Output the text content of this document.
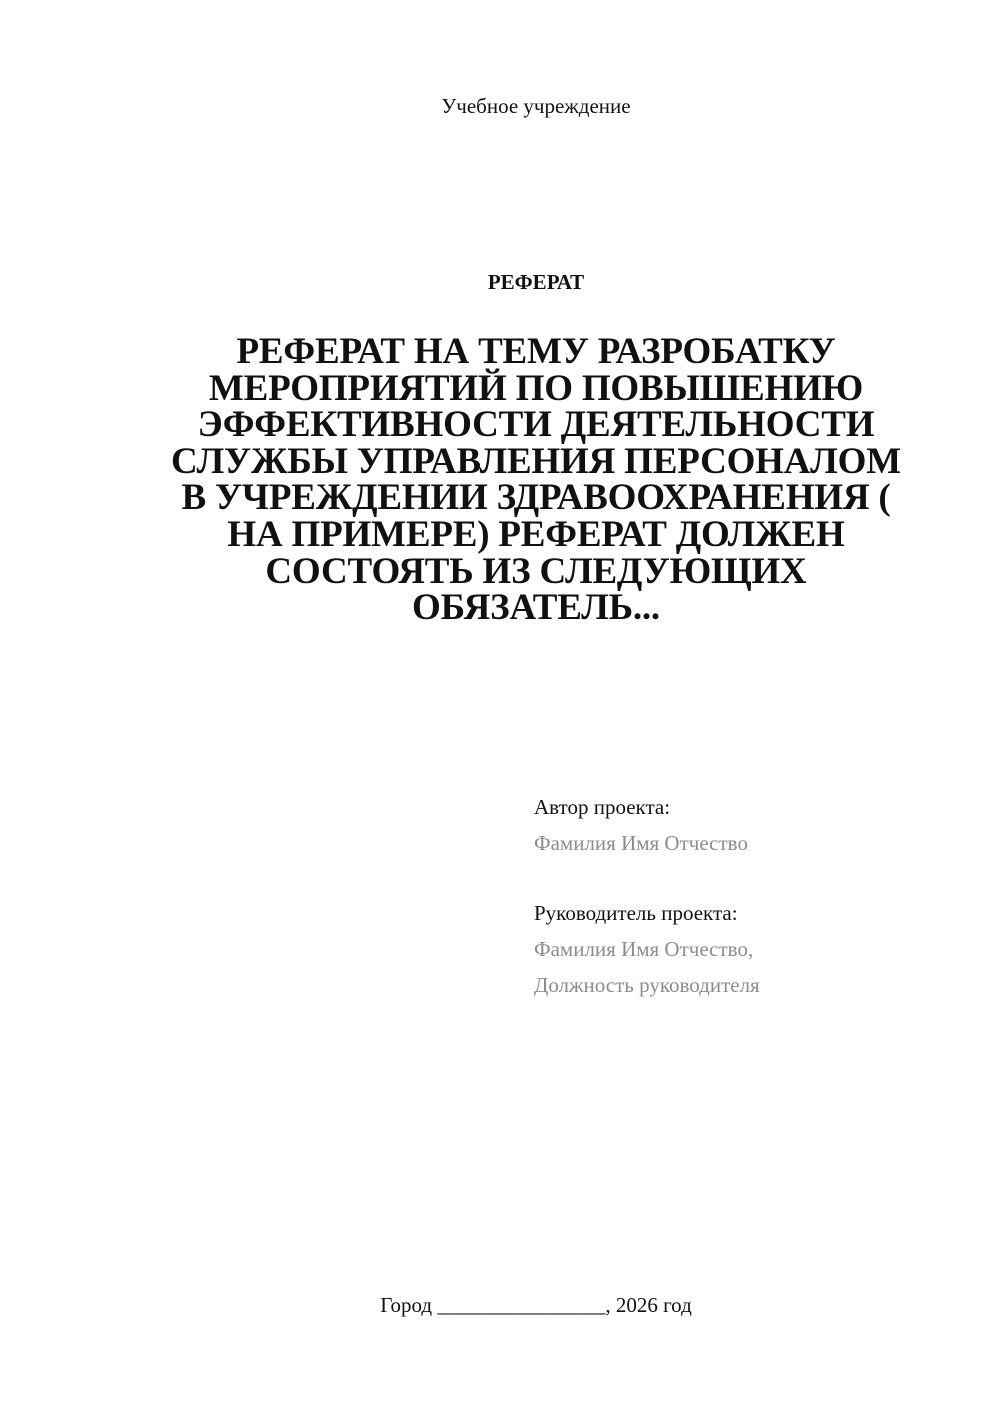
Учебное учреждение
РЕФЕРАТ
РЕФЕРАТ НА ТЕМУ РАЗРОБАТКУ
МЕРОПРИЯТИЙ ПО ПОВЫШЕНИЮ
ЭФФЕКТИВНОСТИ ДЕЯТЕЛЬНОСТИ
СЛУЖБЫ УПРАВЛЕНИЯ ПЕРСОНАЛОМ
В УЧРЕЖДЕНИИ ЗДРАВООХРАНЕНИЯ (
НА ПРИМЕРЕ) РЕФЕРАТ ДОЛЖЕН
СОСТОЯТЬ ИЗ СЛЕДУЮЩИХ
ОБЯЗАТЕЛЬ...
Автор проекта:
Фамилия Имя Отчество
Руководитель проекта:
Фамилия Имя Отчество,
Должность руководителя
Город ________________, 2026 год
